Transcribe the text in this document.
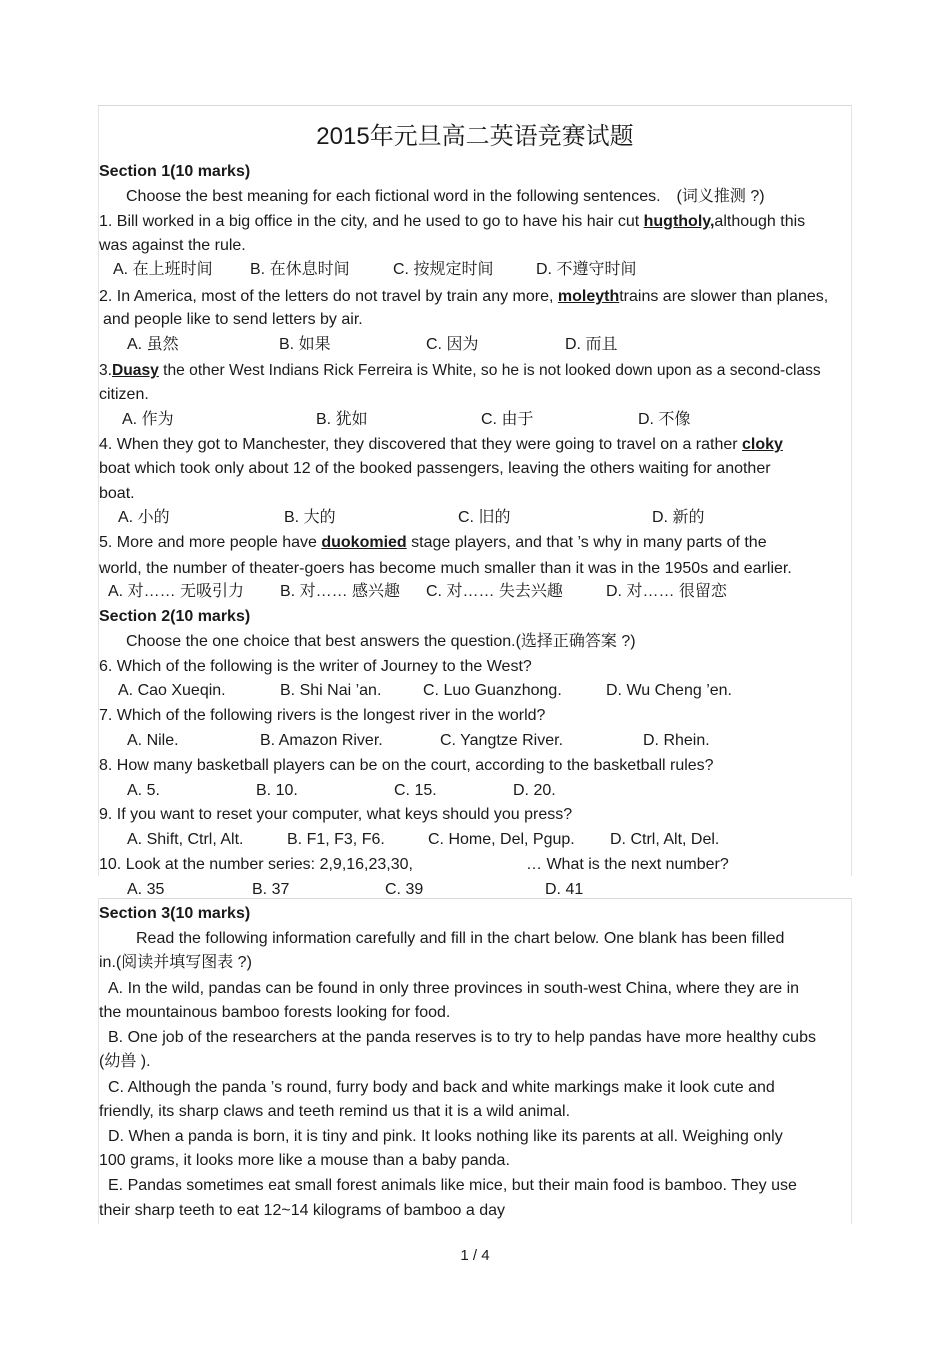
2015年元旦高二英语竞赛试题
Section 1(10 marks)
Choose the best meaning for each fictional word in the following sentences.　(词义推测 ?)
1. Bill worked in a big office in the city, and he used to go to have his hair cut hugtholy,although this
was against the rule.
A. 在上班时间 B. 在休息时间	C. 按规定时间	D. 不遵守时间
2. In America, most of the letters do not travel by train any more, moleythtrains are slower than planes,
and people like to send letters by air.
A. 虽然	B. 如果	C. 因为	D. 而且
3.Duasy the other West Indians Rick Ferreira is White, so he is not looked down upon as a second-class
citizen.
A. 作为	B. 犹如	C. 由于	D. 不像
4. When they got to Manchester, they discovered that they were going to travel on a rather cloky
boat which took only about 12 of the booked passengers, leaving the others waiting for another
boat.
A. 小的	B. 大的	C. 旧的	D. 新的
5. More and more people have duokomied stage players, and that ’s why in many parts of the
world, the number of theater-goers has become much smaller than it was in the 1950s and earlier.
A. 对…… 无吸引力 B. 对…… 感兴趣 C. 对…… 失去兴趣	D. 对…… 很留恋
Section 2(10 marks)
Choose the one choice that best answers the question.(选择正确答案 ?)
6. Which of the following is the writer of Journey to the West?
A. Cao Xueqin.	B. Shi Nai ’an.	C. Luo Guanzhong.	D. Wu Cheng ’en.
7. Which of the following rivers is the longest river in the world?
A. Nile.	B. Amazon River.	C. Yangtze River.	D. Rhein.
8. How many basketball players can be on the court, according to the basketball rules?
A. 5.	B. 10.	C. 15.	D. 20.
9. If you want to reset your computer, what keys should you press?
A. Shift, Ctrl, Alt.	B. F1, F3, F6.	C. Home, Del, Pgup. D. Ctrl, Alt, Del.
10. Look at the number series: 2,9,16,23,30,	… What is the next number?
A. 35	B. 37	C. 39	D. 41
Section 3(10 marks)
Read the following information carefully and fill in the chart below. One blank has been filled
in.(阅读并填写图表 ?)
A. In the wild, pandas can be found in only three provinces in south-west China, where they are in
the mountainous bamboo forests looking for food.
B. One job of the researchers at the panda reserves is to try to help pandas have more healthy cubs
(幼兽 ).
C. Although the panda ’s round, furry body and back and white markings make it look cute and
friendly, its sharp claws and teeth remind us that it is a wild animal.
D. When a panda is born, it is tiny and pink. It looks nothing like its parents at all. Weighing only
100 grams, it looks more like a mouse than a baby panda.
E. Pandas sometimes eat small forest animals like mice, but their main food is bamboo. They use
their sharp teeth to eat 12~14 kilograms of bamboo a day
1 / 4
